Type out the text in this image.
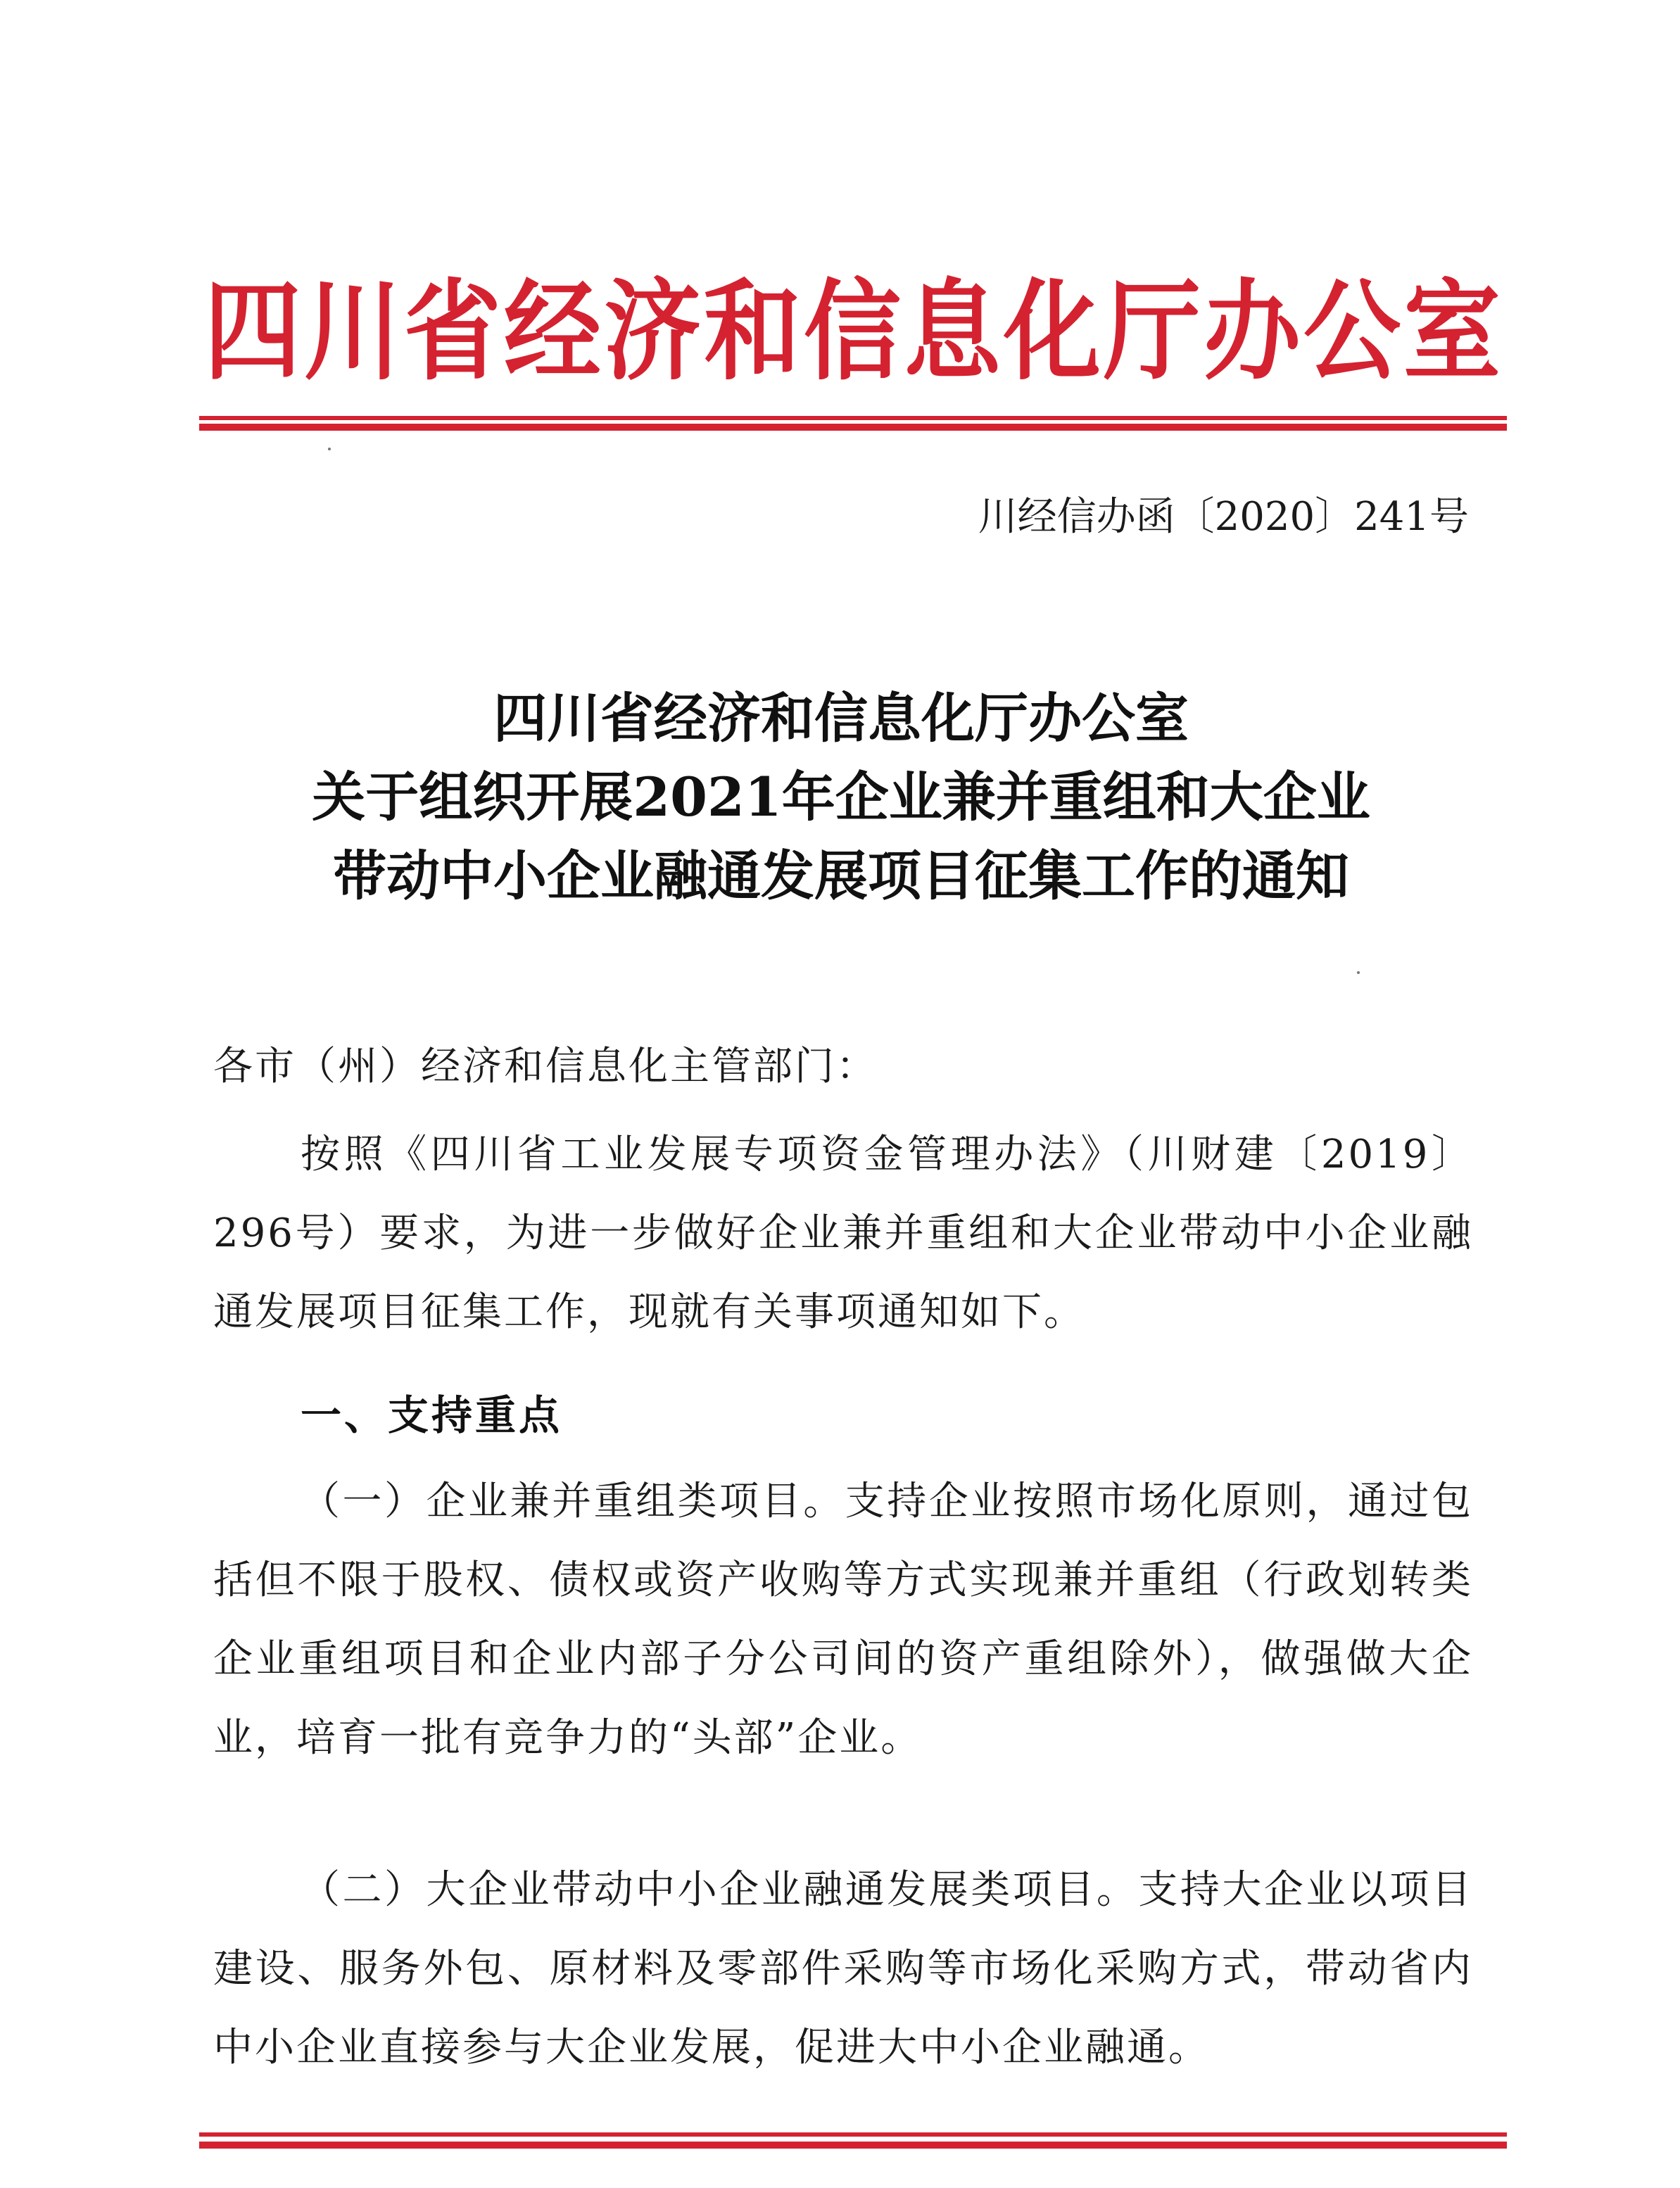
四川省经济和信息化厅办公室
川经信办函〔2020〕241号
四川省经济和信息化厅办公室
关于组织开展2021年企业兼并重组和大企业
带动中小企业融通发展项目征集工作的通知
各市（州）经济和信息化主管部门：
按照《四川省工业发展专项资金管理办法》（川财建〔2019〕296号）要求，为进一步做好企业兼并重组和大企业带动中小企业融通发展项目征集工作，现就有关事项通知如下。
一、支持重点
（一）企业兼并重组类项目。支持企业按照市场化原则，通过包括但不限于股权、债权或资产收购等方式实现兼并重组（行政划转类企业重组项目和企业内部子分公司间的资产重组除外），做强做大企业，培育一批有竞争力的“头部”企业。
（二）大企业带动中小企业融通发展类项目。支持大企业以项目建设、服务外包、原材料及零部件采购等市场化采购方式，带动省内中小企业直接参与大企业发展，促进大中小企业融通。
